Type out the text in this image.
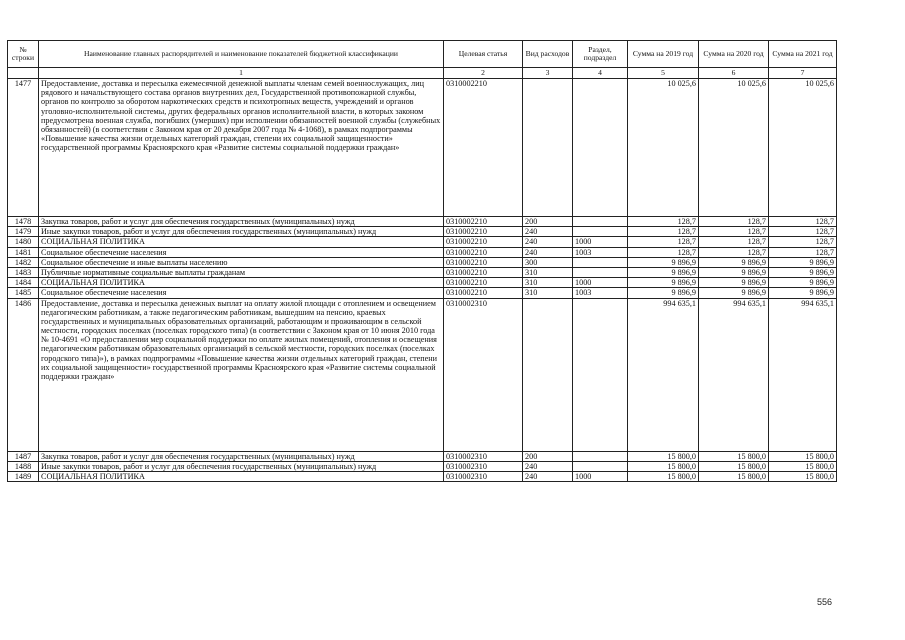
№ строки	Наименование главных распорядителей и наименование показателей бюджетной классификации	Целевая статья	Вид расходов	Раздел, подраздел	Сумма на 2019 год	Сумма на 2020 год	Сумма на 2021 год
	1	2	3	4	5	6	7
1477	Предоставление, доставка и пересылка ежемесячной денежной выплаты членам семей военнослужащих, лиц рядового и начальствующего состава органов внутренних дел, Государственной противопожарной службы, органов по контролю за оборотом наркотических средств и психотропных веществ, учреждений и органов уголовно-исполнительной системы, других федеральных органов исполнительной власти, в которых законом предусмотрена военная служба, погибших (умерших) при исполнении обязанностей военной службы (служебных обязанностей) (в соответствии с Законом края от 20 декабря 2007 года № 4-1068), в рамках подпрограммы «Повышение качества жизни отдельных категорий граждан, степени их социальной защищенности» государственной программы Красноярского края «Развитие системы социальной поддержки граждан»	0310002210			10 025,6	10 025,6	10 025,6
1478	Закупка товаров, работ и услуг для обеспечения государственных (муниципальных) нужд	0310002210	200		128,7	128,7	128,7
1479	Иные закупки товаров, работ и услуг для обеспечения государственных (муниципальных) нужд	0310002210	240		128,7	128,7	128,7
1480	СОЦИАЛЬНАЯ ПОЛИТИКА	0310002210	240	1000	128,7	128,7	128,7
1481	Социальное обеспечение населения	0310002210	240	1003	128,7	128,7	128,7
1482	Социальное обеспечение и иные выплаты населению	0310002210	300		9 896,9	9 896,9	9 896,9
1483	Публичные нормативные социальные выплаты гражданам	0310002210	310		9 896,9	9 896,9	9 896,9
1484	СОЦИАЛЬНАЯ ПОЛИТИКА	0310002210	310	1000	9 896,9	9 896,9	9 896,9
1485	Социальное обеспечение населения	0310002210	310	1003	9 896,9	9 896,9	9 896,9
1486	Предоставление, доставка и пересылка денежных выплат на оплату жилой площади с отоплением и освещением педагогическим работникам, а также педагогическим работникам, вышедшим на пенсию, краевых государственных и муниципальных образовательных организаций, работающим и проживающим в сельской местности, городских поселках (поселках городского типа) (в соответствии с Законом края от 10 июня 2010 года № 10-4691 «О предоставлении мер социальной поддержки по оплате жилых помещений, отопления и освещения педагогическим работникам образовательных организаций в сельской местности, городских поселках (поселках городского типа)»), в рамках подпрограммы «Повышение качества жизни отдельных категорий граждан, степени их социальной защищенности» государственной программы Красноярского края «Развитие системы социальной поддержки граждан»	0310002310			994 635,1	994 635,1	994 635,1
1487	Закупка товаров, работ и услуг для обеспечения государственных (муниципальных) нужд	0310002310	200		15 800,0	15 800,0	15 800,0
1488	Иные закупки товаров, работ и услуг для обеспечения государственных (муниципальных) нужд	0310002310	240		15 800,0	15 800,0	15 800,0
1489	СОЦИАЛЬНАЯ ПОЛИТИКА	0310002310	240	1000	15 800,0	15 800,0	15 800,0
556
